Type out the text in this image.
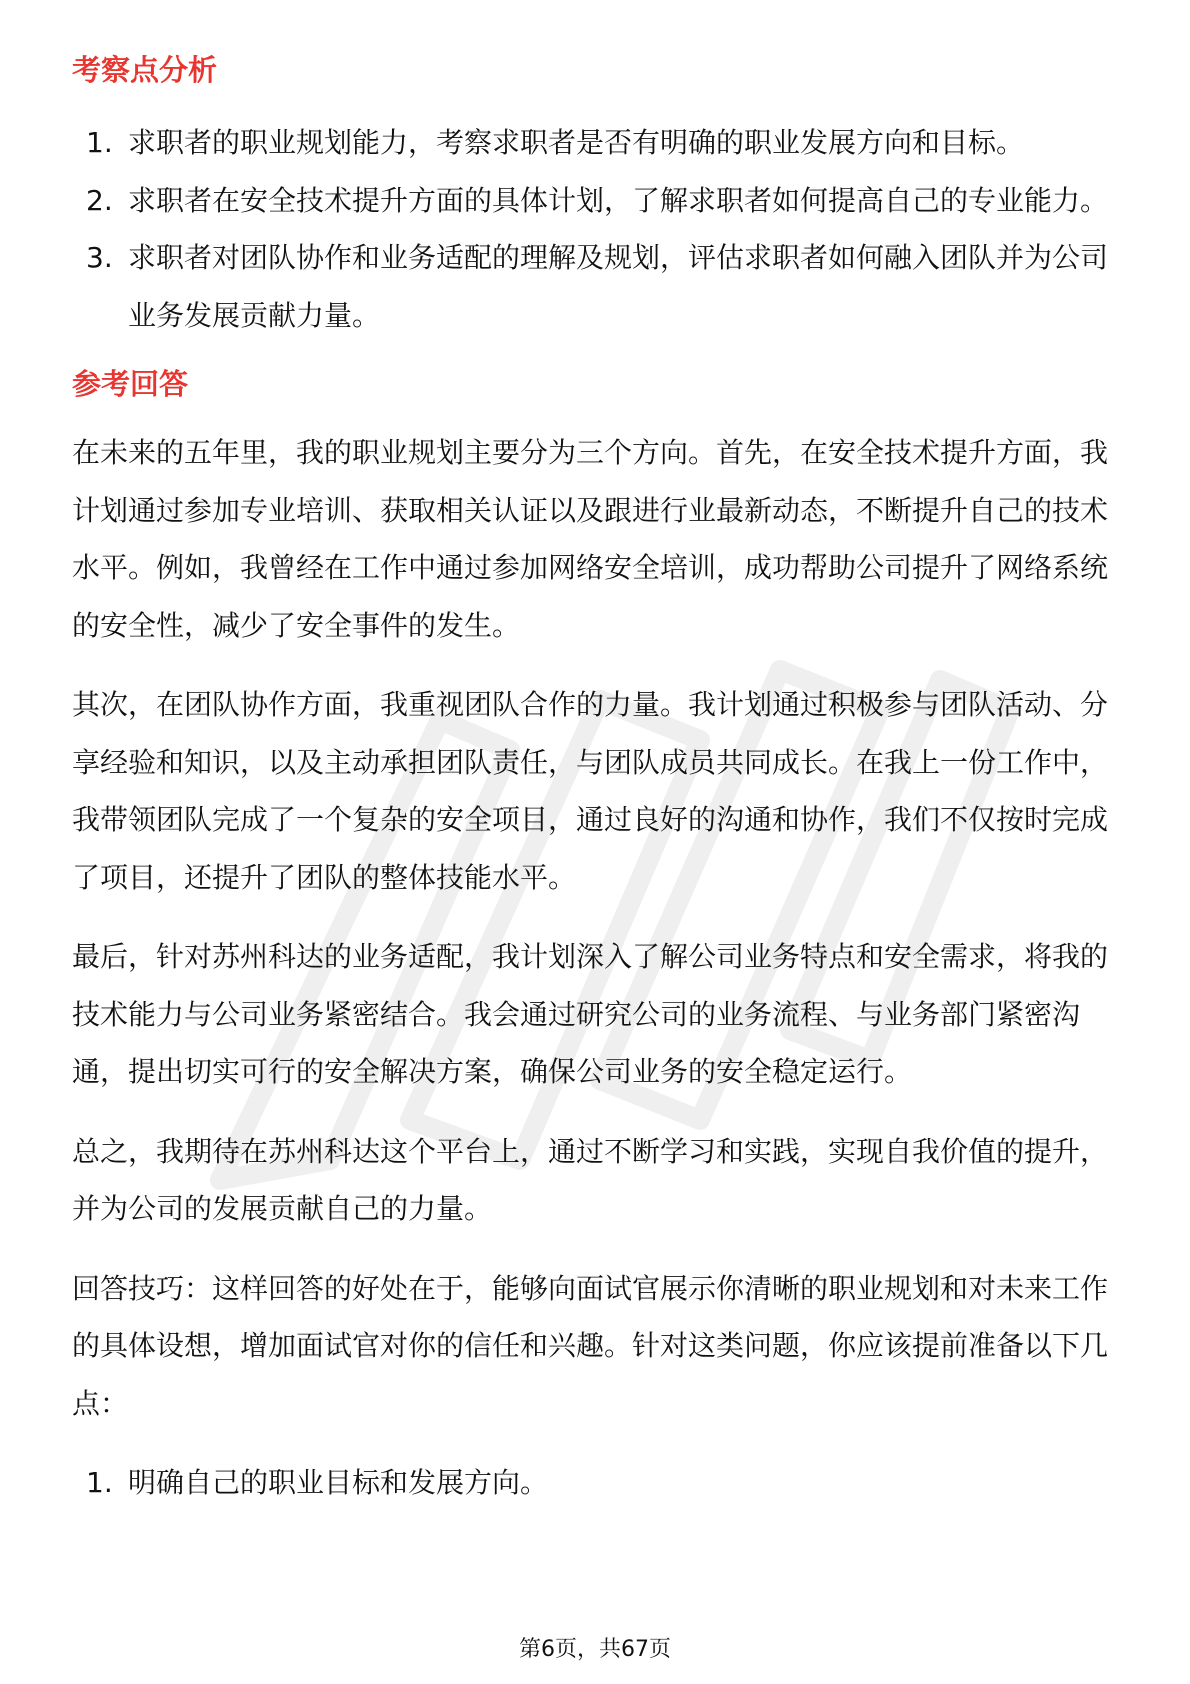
考察点分析
1. 求职者的职业规划能力，考察求职者是否有明确的职业发展方向和目标。
2. 求职者在安全技术提升方面的具体计划，了解求职者如何提高自己的专业能力。
3. 求职者对团队协作和业务适配的理解及规划，评估求职者如何融入团队并为公司业务发展贡献力量。
参考回答

在未来的五年里，我的职业规划主要分为三个方向。首先，在安全技术提升方面，我计划通过参加专业培训、获取相关认证以及跟进行业最新动态，不断提升自己的技术水平。例如，我曾经在工作中通过参加网络安全培训，成功帮助公司提升了网络系统的安全性，减少了安全事件的发生。

其次，在团队协作方面，我重视团队合作的力量。我计划通过积极参与团队活动、分享经验和知识，以及主动承担团队责任，与团队成员共同成长。在我上一份工作中，我带领团队完成了一个复杂的安全项目，通过良好的沟通和协作，我们不仅按时完成了项目，还提升了团队的整体技能水平。

最后，针对苏州科达的业务适配，我计划深入了解公司业务特点和安全需求，将我的技术能力与公司业务紧密结合。我会通过研究公司的业务流程、与业务部门紧密沟通，提出切实可行的安全解决方案，确保公司业务的安全稳定运行。

总之，我期待在苏州科达这个平台上，通过不断学习和实践，实现自我价值的提升，并为公司的发展贡献自己的力量。

回答技巧：这样回答的好处在于，能够向面试官展示你清晰的职业规划和对未来工作的具体设想，增加面试官对你的信任和兴趣。针对这类问题，你应该提前准备以下几点：

1. 明确自己的职业目标和发展方向。
第6页，共67页
